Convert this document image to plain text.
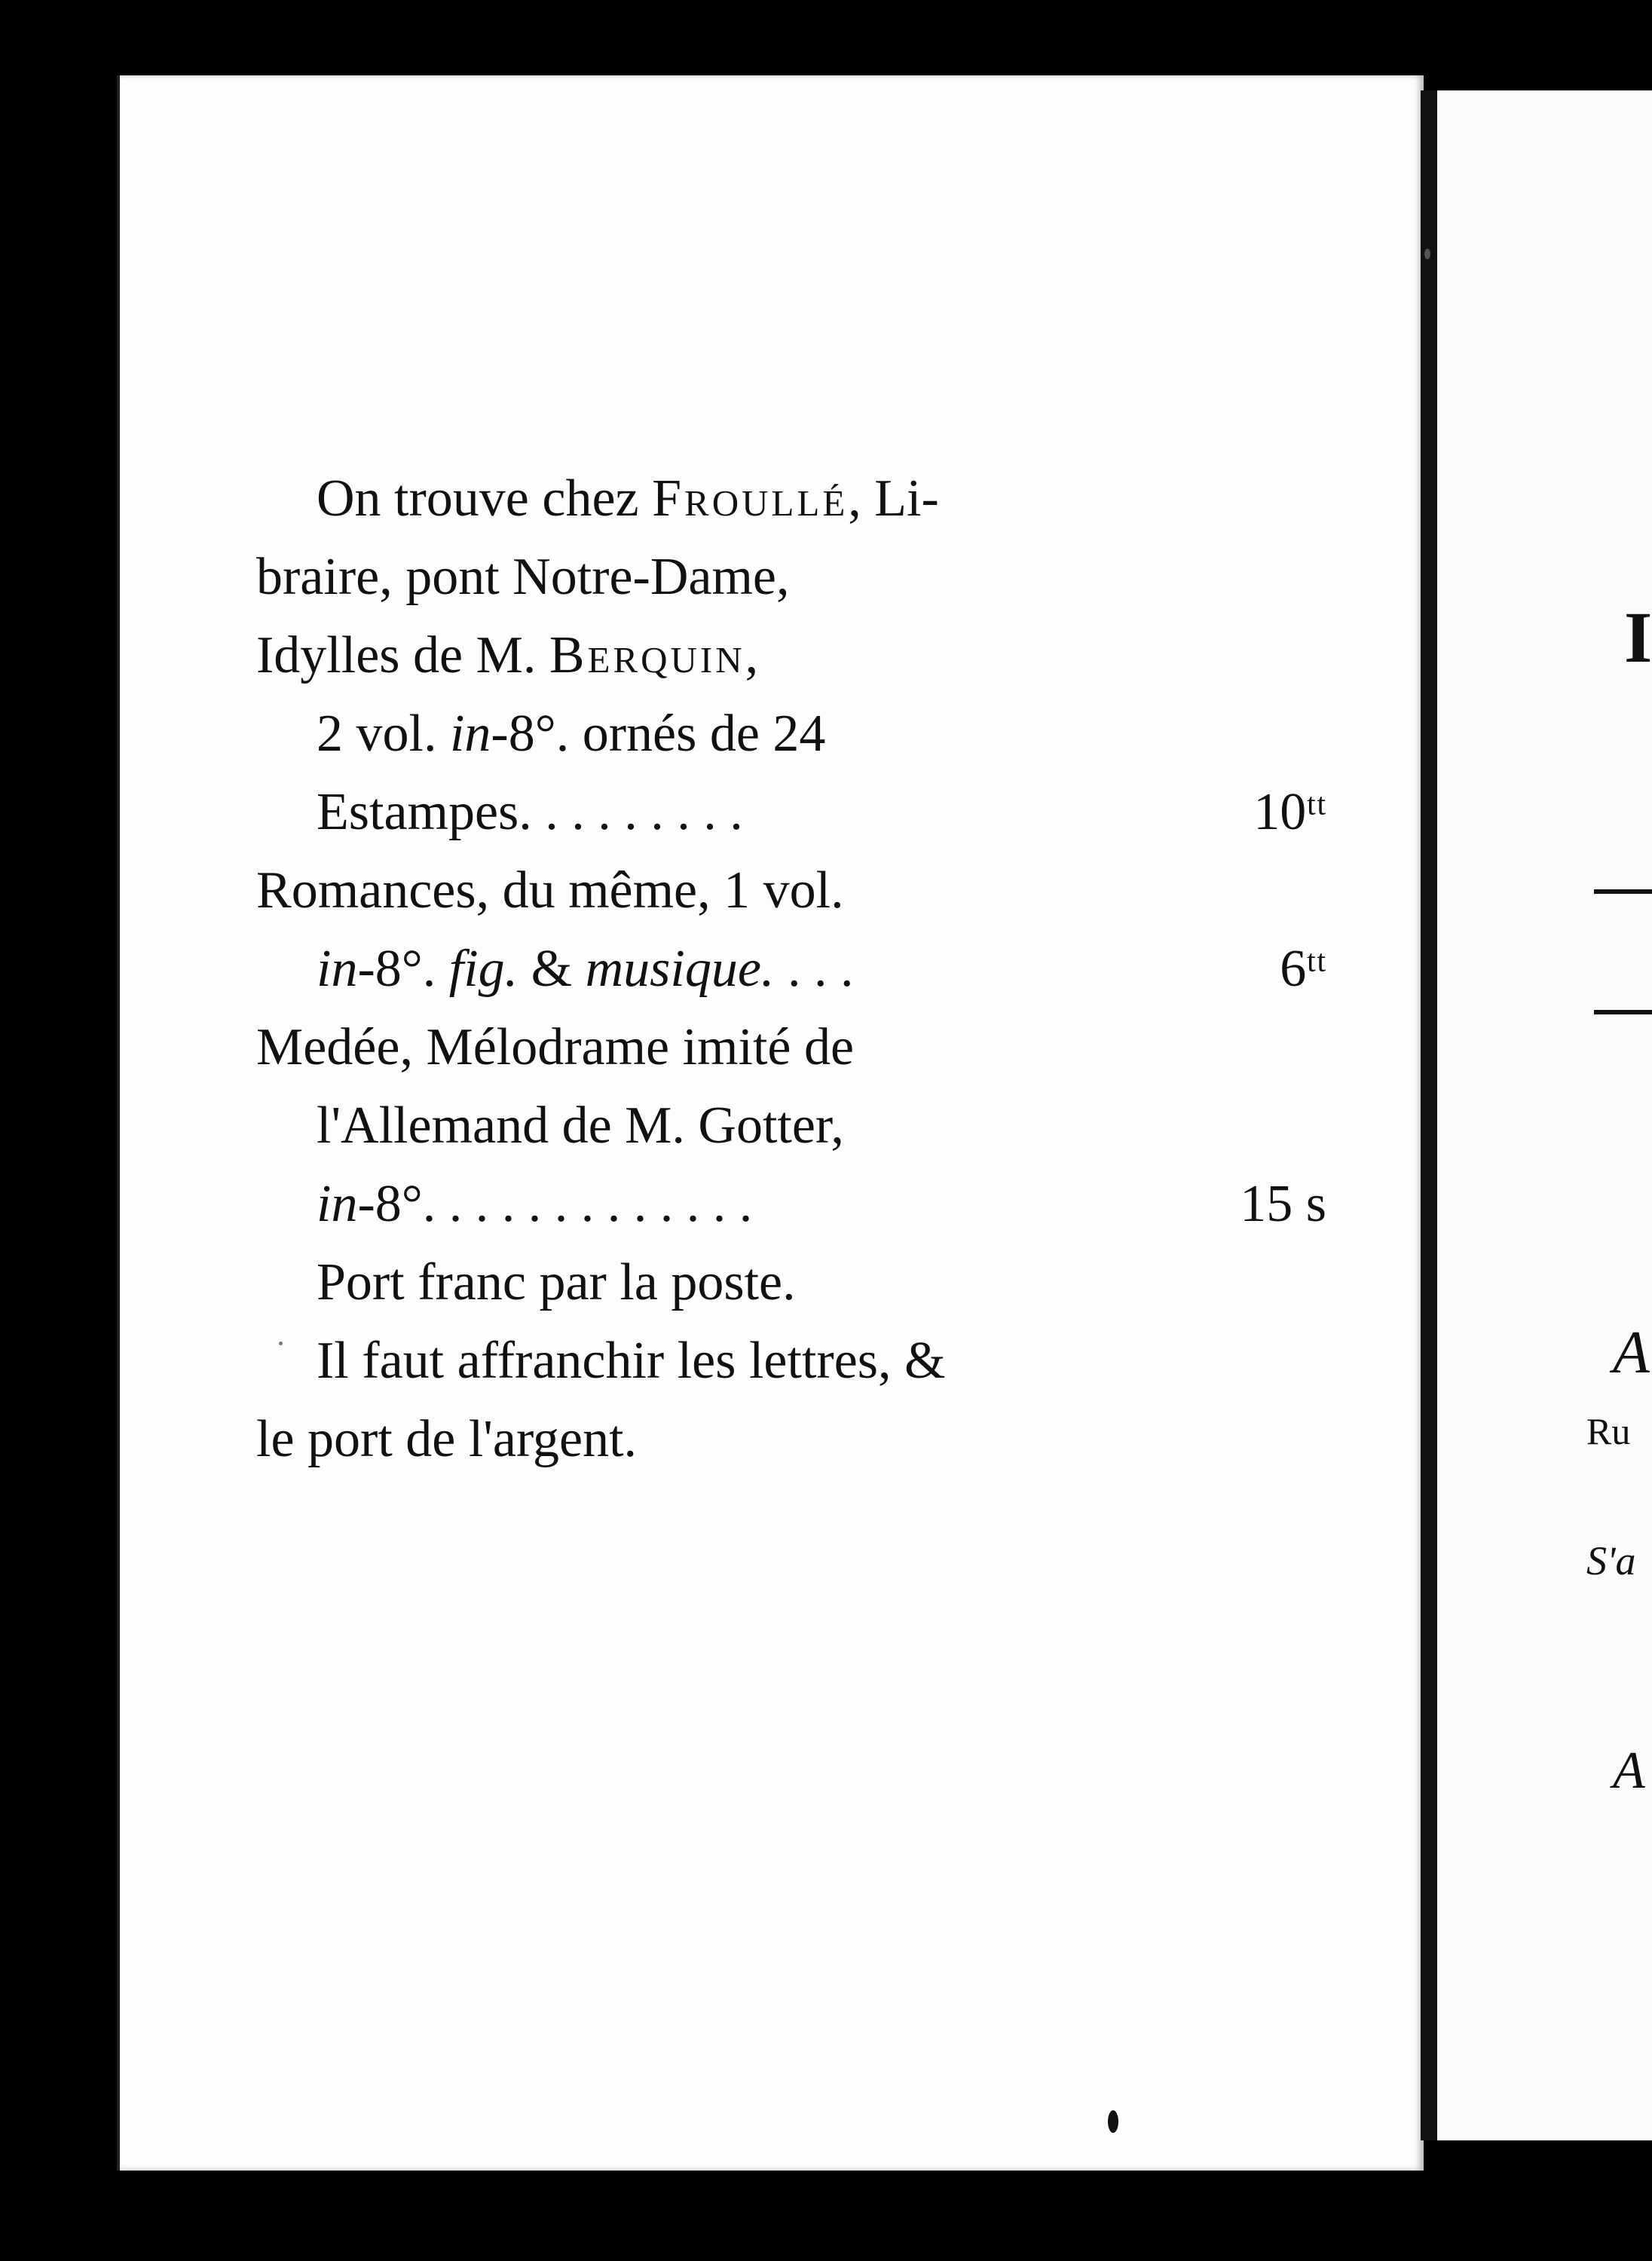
On trouve chez Froullé, Li-
braire, pont Notre-Dame,
Idylles de M. Berquin,
2 vol. in-8°. ornés de 24
Estampes. . . . . . . . .	10ᵗᵗ
Romances, du même, 1 vol.
in-8°. fig. & musique. . . .	6ᵗᵗ
Medée, Mélodrame imité de
l'Allemand de M. Gotter,
in-8°. . . . . . . . . . . . .	15 s
Port franc par la poste.
Il faut affranchir les lettres, &
le port de l'argent.
I
A
Ru
S'a
A
